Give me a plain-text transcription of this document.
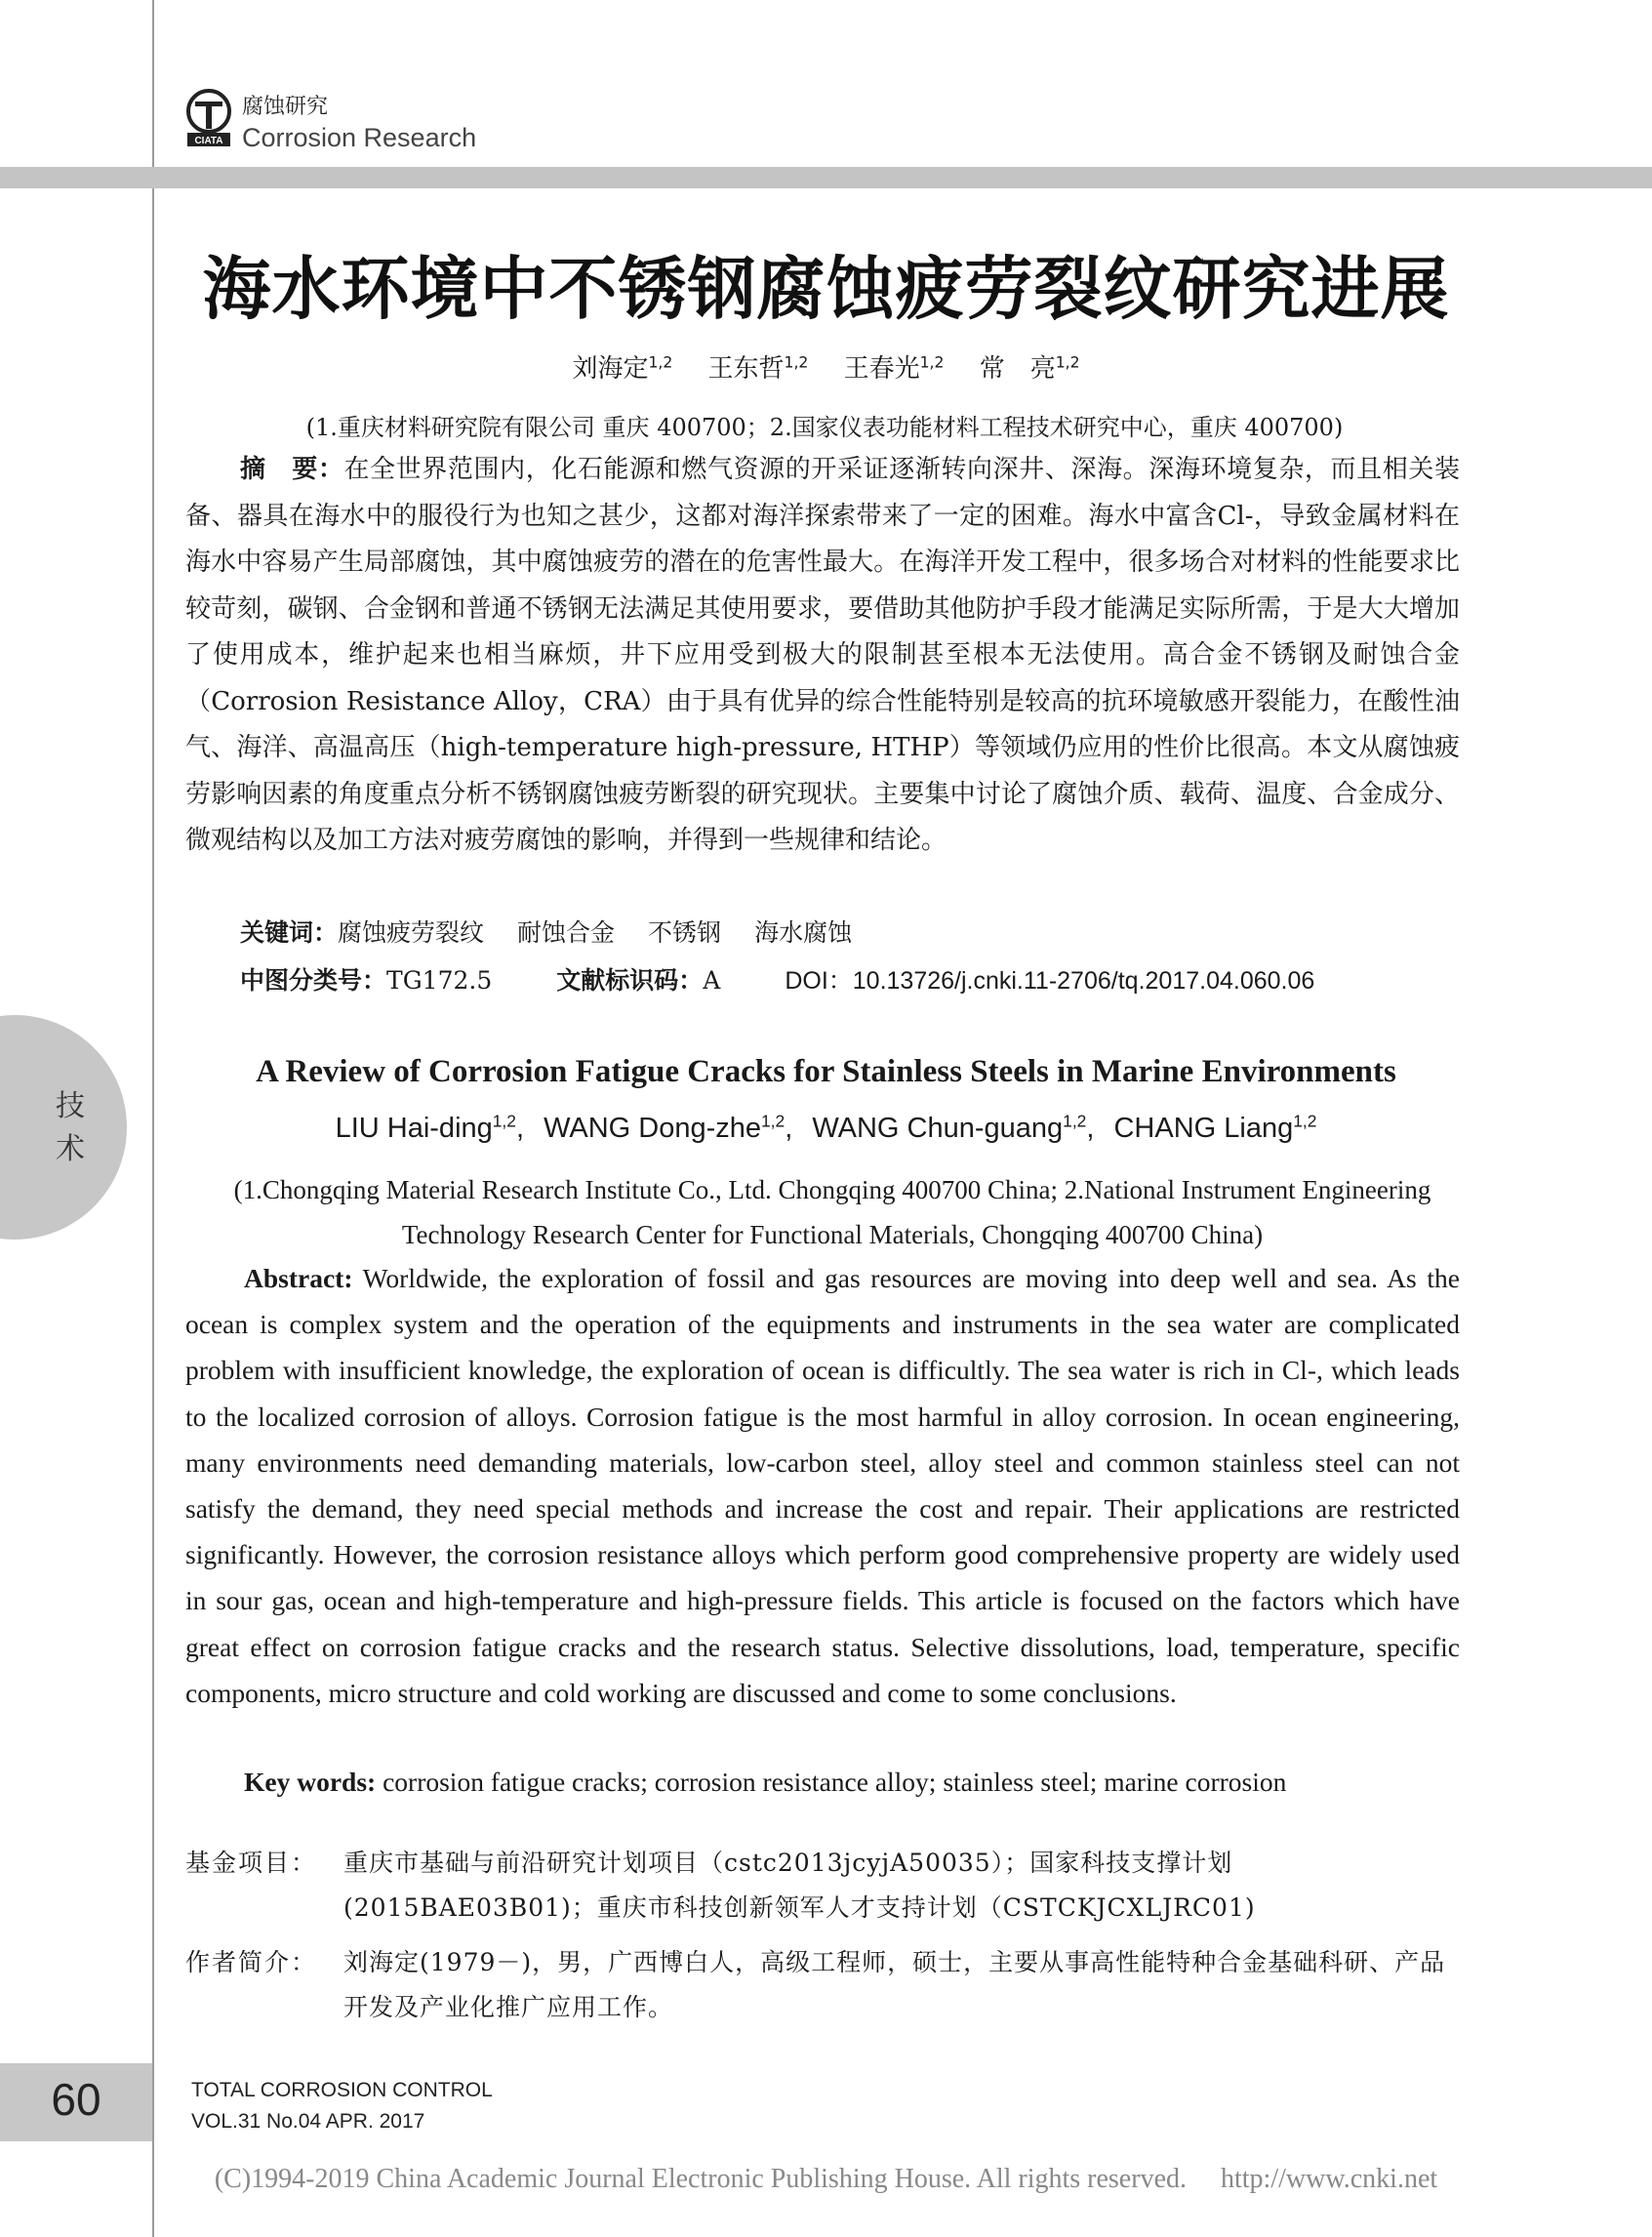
CIATA
腐蚀研究
Corrosion Research
海水环境中不锈钢腐蚀疲劳裂纹研究进展
刘海定$^{1,2}$ 王东哲$^{1,2}$ 王春光$^{1,2}$ 常　亮$^{1,2}$
(1.重庆材料研究院有限公司 重庆 400700；2.国家仪表功能材料工程技术研究中心，重庆 400700)

摘　要：在全世界范围内，化石能源和燃气资源的开采证逐渐转向深井、深海。深海环境复杂，而且相关装备、器具在海水中的服役行为也知之甚少，这都对海洋探索带来了一定的困难。海水中富含Cl-，导致金属材料在海水中容易产生局部腐蚀，其中腐蚀疲劳的潜在的危害性最大。在海洋开发工程中，很多场合对材料的性能要求比较苛刻，碳钢、合金钢和普通不锈钢无法满足其使用要求，要借助其他防护手段才能满足实际所需，于是大大增加了使用成本，维护起来也相当麻烦，井下应用受到极大的限制甚至根本无法使用。高合金不锈钢及耐蚀合金（Corrosion Resistance Alloy，CRA）由于具有优异的综合性能特别是较高的抗环境敏感开裂能力，在酸性油气、海洋、高温高压（high-temperature high-pressure, HTHP）等领域仍应用的性价比很高。本文从腐蚀疲劳影响因素的角度重点分析不锈钢腐蚀疲劳断裂的研究现状。主要集中讨论了腐蚀介质、载荷、温度、合金成分、微观结构以及加工方法对疲劳腐蚀的影响，并得到一些规律和结论。

关键词：腐蚀疲劳裂纹 耐蚀合金 不锈钢 海水腐蚀
中图分类号：TG172.5	文献标识码：A	DOI：10.13726/j.cnki.11-2706/tq.2017.04.060.06
技
术
A Review of Corrosion Fatigue Cracks for Stainless Steels in Marine Environments
LIU Hai-ding$^{1,2}$, WANG Dong-zhe$^{1,2}$, WANG Chun-guang$^{1,2}$, CHANG Liang$^{1,2}$
(1.Chongqing Material Research Institute Co., Ltd. Chongqing 400700 China; 2.National Instrument Engineering Technology Research Center for Functional Materials, Chongqing 400700 China)

Abstract: Worldwide, the exploration of fossil and gas resources are moving into deep well and sea. As the ocean is complex system and the operation of the equipments and instruments in the sea water are complicated problem with insufficient knowledge, the exploration of ocean is difficultly. The sea water is rich in Cl-, which leads to the localized corrosion of alloys. Corrosion fatigue is the most harmful in alloy corrosion. In ocean engineering, many environments need demanding materials, low-carbon steel, alloy steel and common stainless steel can not satisfy the demand, they need special methods and increase the cost and repair. Their applications are restricted significantly. However, the corrosion resistance alloys which perform good comprehensive property are widely used in sour gas, ocean and high-temperature and high-pressure fields. This article is focused on the factors which have great effect on corrosion fatigue cracks and the research status. Selective dissolutions, load, temperature, specific components, micro structure and cold working are discussed and come to some conclusions.

Key words: corrosion fatigue cracks; corrosion resistance alloy; stainless steel; marine corrosion
基金项目：	重庆市基础与前沿研究计划项目（cstc2013jcyjA50035）；国家科技支撑计划(2015BAE03B01)；重庆市科技创新领军人才支持计划（CSTCKJCXLJRC01)
作者简介：	刘海定(1979－)，男，广西博白人，高级工程师，硕士，主要从事高性能特种合金基础科研、产品开发及产业化推广应用工作。
60	TOTAL CORROSION CONTROL
VOL.31 No.04 APR. 2017
(C)1994-2019 China Academic Journal Electronic Publishing House. All rights reserved.　 http://www.cnki.net
